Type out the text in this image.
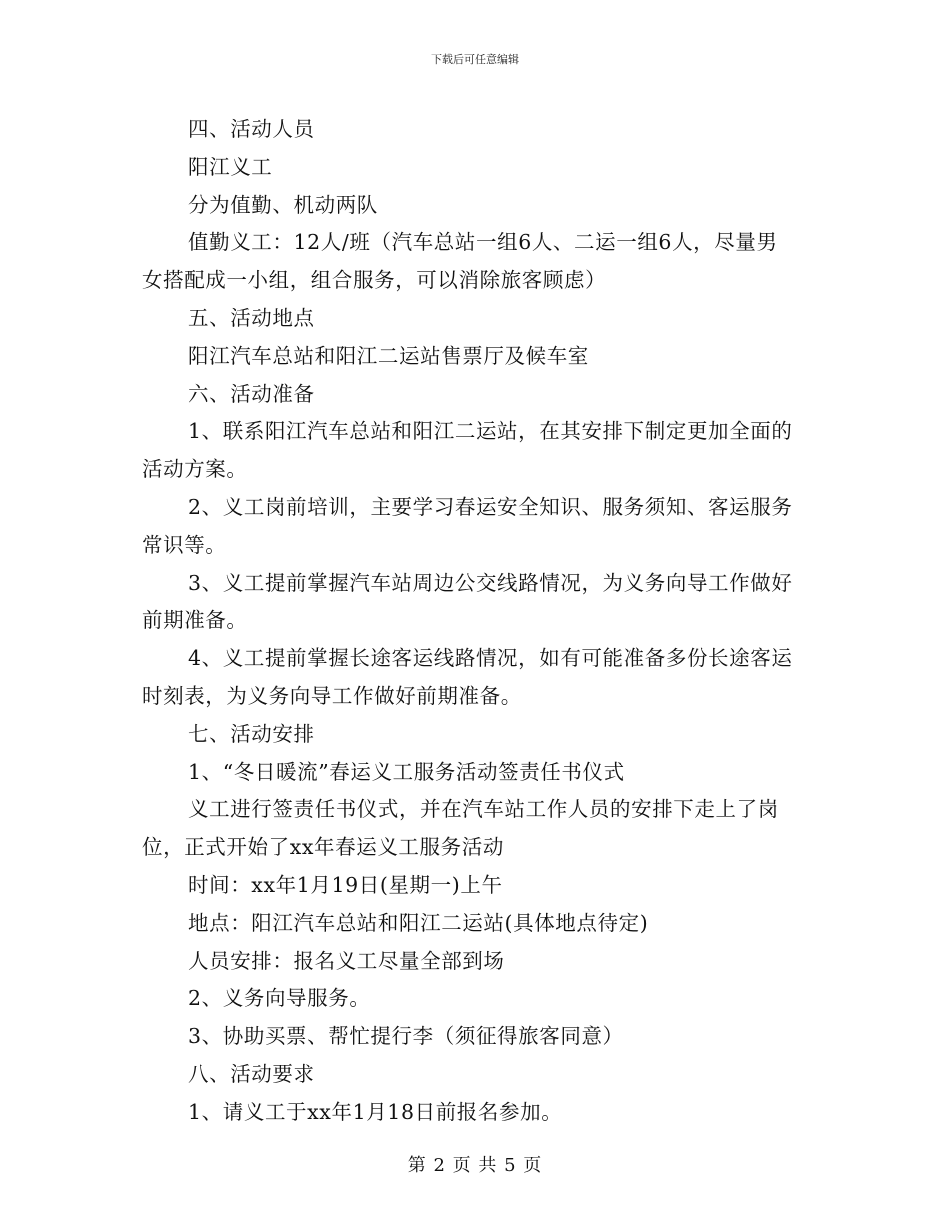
下载后可任意编辑
四、活动人员
阳江义工
分为值勤、机动两队
值勤义工：12人/班（汽车总站一组6人、二运一组6人，尽量男
女搭配成一小组，组合服务，可以消除旅客顾虑）
五、活动地点
阳江汽车总站和阳江二运站售票厅及候车室
六、活动准备
1、联系阳江汽车总站和阳江二运站，在其安排下制定更加全面的
活动方案。
2、义工岗前培训，主要学习春运安全知识、服务须知、客运服务
常识等。
3、义工提前掌握汽车站周边公交线路情况，为义务向导工作做好
前期准备。
4、义工提前掌握长途客运线路情况，如有可能准备多份长途客运
时刻表，为义务向导工作做好前期准备。
七、活动安排
1、“冬日暖流”春运义工服务活动签责任书仪式
义工进行签责任书仪式，并在汽车站工作人员的安排下走上了岗
位，正式开始了xx年春运义工服务活动
时间：xx年1月19日(星期一)上午
地点：阳江汽车总站和阳江二运站(具体地点待定)
人员安排：报名义工尽量全部到场
2、义务向导服务。
3、协助买票、帮忙提行李（须征得旅客同意）
八、活动要求
1、请义工于xx年1月18日前报名参加。
第 2 页 共 5 页
